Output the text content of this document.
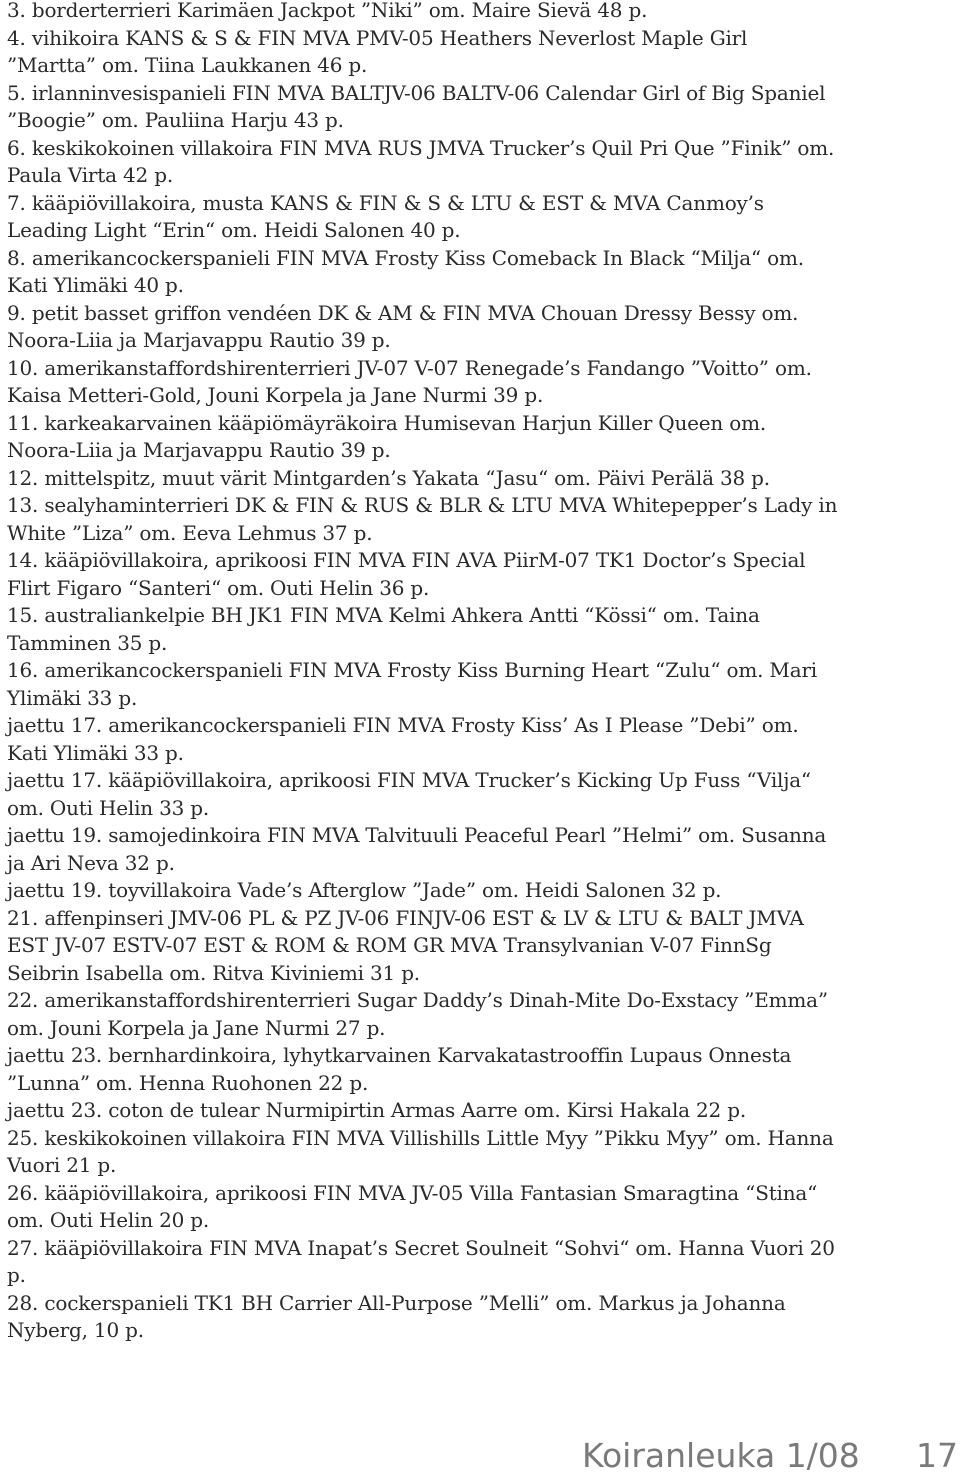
3. borderterrieri Karimäen Jackpot ”Niki” om. Maire Sievä 48 p.

4. vihikoira KANS & S & FIN MVA PMV-05 Heathers Neverlost Maple Girl ”Martta” om. Tiina Laukkanen 46 p.

5. irlanninvesispanieli FIN MVA BALTJV-06 BALTV-06 Calendar Girl of Big Spaniel ”Boogie” om. Pauliina Harju 43 p.

6. keskikokoinen villakoira FIN MVA RUS JMVA Trucker’s Quil Pri Que ”Finik” om. Paula Virta 42 p.

7. kääpiövillakoira, musta KANS & FIN & S & LTU & EST & MVA Canmoy’s Leading Light “Erin“ om. Heidi Salonen 40 p.

8. amerikancockerspanieli FIN MVA Frosty Kiss Comeback In Black “Milja“ om. Kati Ylimäki 40 p.

9. petit basset griffon vendéen DK & AM & FIN MVA Chouan Dressy Bessy om. Noora-Liia ja Marjavappu Rautio 39 p.

10. amerikanstaffordshirenterrieri JV-07 V-07 Renegade’s Fandango ”Voitto” om. Kaisa Metteri-Gold, Jouni Korpela ja Jane Nurmi 39 p.

11. karkeakarvainen kääpiömäyräkoira Humisevan Harjun Killer Queen om. Noora-Liia ja Marjavappu Rautio 39 p.

12. mittelspitz, muut värit Mintgarden’s Yakata “Jasu“ om. Päivi Perälä 38 p.

13. sealyhaminterrieri DK & FIN & RUS & BLR & LTU MVA Whitepepper’s Lady in White ”Liza” om. Eeva Lehmus 37 p.

14. kääpiövillakoira, aprikoosi FIN MVA FIN AVA PiirM-07 TK1 Doctor’s Special Flirt Figaro “Santeri“ om. Outi Helin 36 p.

15. australiankelpie BH JK1 FIN MVA Kelmi Ahkera Antti “Kössi“ om. Taina Tamminen 35 p.

16. amerikancockerspanieli FIN MVA Frosty Kiss Burning Heart “Zulu“ om. Mari Ylimäki 33 p.

jaettu 17. amerikancockerspanieli FIN MVA Frosty Kiss’ As I Please ”Debi” om. Kati Ylimäki 33 p.

jaettu 17. kääpiövillakoira, aprikoosi FIN MVA Trucker’s Kicking Up Fuss “Vilja“ om. Outi Helin 33 p.

jaettu 19. samojedinkoira FIN MVA Talvituuli Peaceful Pearl ”Helmi” om. Susanna ja Ari Neva 32 p.

jaettu 19. toyvillakoira Vade’s Afterglow ”Jade” om. Heidi Salonen 32 p.

21. affenpinseri JMV-06 PL & PZ JV-06 FINJV-06 EST & LV & LTU & BALT JMVA EST JV-07 ESTV-07 EST & ROM & ROM GR MVA Transylvanian V-07 FinnSg Seibrin Isabella om. Ritva Kiviniemi 31 p.

22. amerikanstaffordshirenterrieri Sugar Daddy’s Dinah-Mite Do-Exstacy ”Emma” om. Jouni Korpela ja Jane Nurmi 27 p.

jaettu 23. bernhardinkoira, lyhytkarvainen Karvakatastrooffin Lupaus Onnesta ”Lunna” om. Henna Ruohonen 22 p.

jaettu 23. coton de tulear Nurmipirtin Armas Aarre om. Kirsi Hakala 22 p.

25. keskikokoinen villakoira FIN MVA Villishills Little Myy ”Pikku Myy” om. Hanna Vuori 21 p.

26. kääpiövillakoira, aprikoosi FIN MVA JV-05 Villa Fantasian Smaragtina “Stina“ om. Outi Helin 20 p.

27. kääpiövillakoira FIN MVA Inapat’s Secret Soulneit “Sohvi“ om. Hanna Vuori 20 p.

28. cockerspanieli TK1 BH Carrier All-Purpose ”Melli” om. Markus ja Johanna Nyberg, 10 p.

Koiranleuka 1/08 17
